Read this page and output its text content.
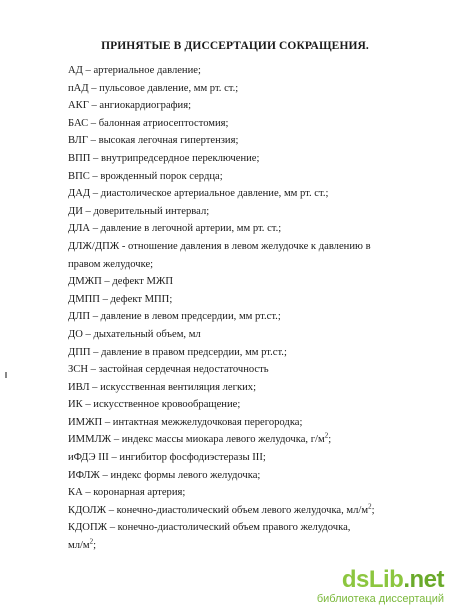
ПРИНЯТЫЕ В ДИССЕРТАЦИИ СОКРАЩЕНИЯ.
АД – артериальное давление;
пАД – пульсовое давление, мм рт. ст.;
АКГ – ангиокардиография;
БАС – балонная атриосептостомия;
ВЛГ – высокая легочная гипертензия;
ВПП – внутрипредсердное переключение;
ВПС – врожденный порок сердца;
ДАД – диастолическое артериальное давление, мм рт. ст.;
ДИ – доверительный интервал;
ДЛА – давление в легочной артерии, мм рт. ст.;
ДЛЖ/ДПЖ - отношение давления в левом желудочке к давлению в правом желудочке;
ДМЖП – дефект МЖП
ДМПП – дефект МПП;
ДЛП – давление в левом предсердии, мм рт.ст.;
ДО – дыхательный объем, мл
ДПП – давление в правом предсердии, мм рт.ст.;
ЗСН – застойная сердечная недостаточность
ИВЛ – искусственная вентиляция легких;
ИК – искусственное кровообращение;
ИМЖП – интактная межжелудочковая перегородка;
ИММЛЖ – индекс массы миокара левого желудочка, $г/м^2$;
иФДЭ III – ингибитор фосфодиэстеразы III;
ИФЛЖ – индекс формы левого желудочка;
КА – коронарная артерия;
КДОЛЖ – конечно-диастолический объем левого желудочка, $мл/м^2$;
КДОПЖ – конечно-диастолический объем правого желудочка,
$мл/м^2$;
dsLib.net
библиотека диссертаций
